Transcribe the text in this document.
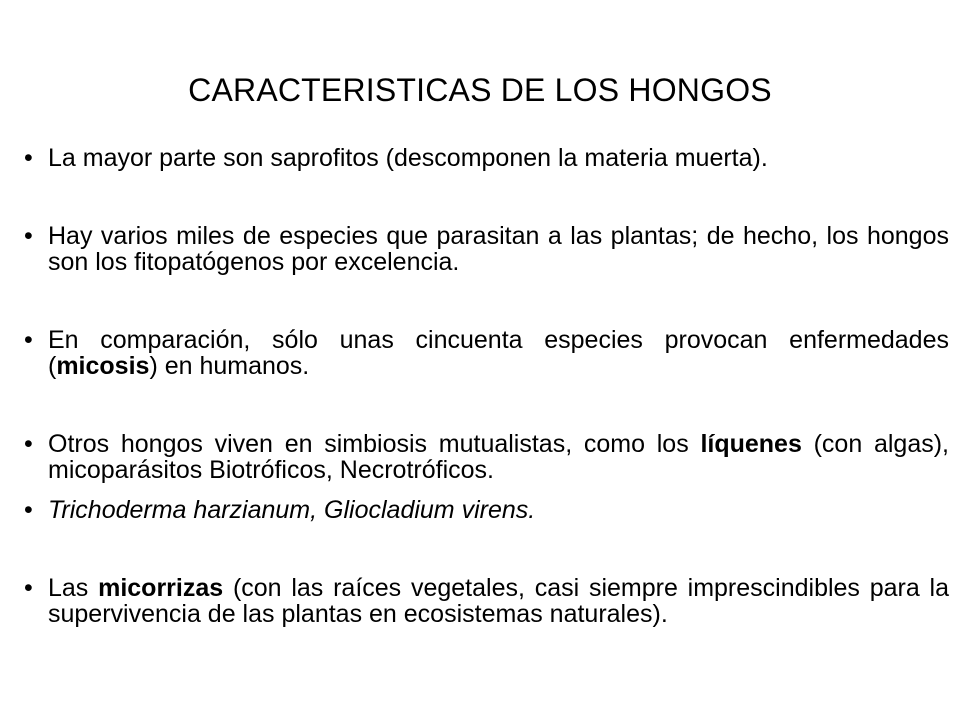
CARACTERISTICAS DE LOS HONGOS
• La mayor parte son saprofitos (descomponen la materia muerta).
• Hay varios miles de especies que parasitan a las plantas; de hecho, los hongos son los fitopatógenos por excelencia.
• En comparación, sólo unas cincuenta especies provocan enfermedades (micosis) en humanos.
• Otros hongos viven en simbiosis mutualistas, como los líquenes (con algas), micoparásitos Biotróficos, Necrotróficos.
• Trichoderma harzianum, Gliocladium virens.
• Las micorrizas (con las raíces vegetales, casi siempre imprescindibles para la supervivencia de las plantas en ecosistemas naturales).
